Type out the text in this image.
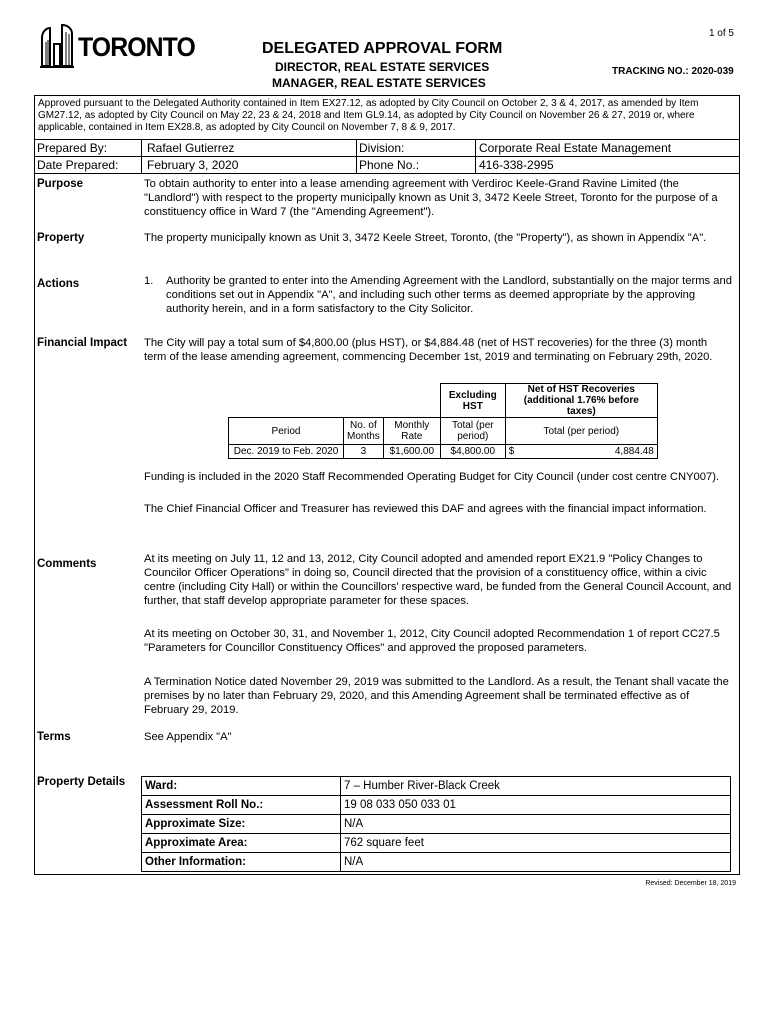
1 of 5
TORONTO	DELEGATED APPROVAL FORM
DIRECTOR, REAL ESTATE SERVICES
MANAGER, REAL ESTATE SERVICES
TRACKING NO.: 2020-039
Approved pursuant to the Delegated Authority contained in Item EX27.12, as adopted by City Council on October 2, 3 & 4, 2017, as amended by Item GM27.12, as adopted by City Council on May 22, 23 & 24, 2018 and Item GL9.14, as adopted by City Council on November 26 & 27, 2019 or, where applicable, contained in Item EX28.8, as adopted by City Council on November 7, 8 & 9, 2017.
Prepared By:	Rafael Gutierrez	Division:	Corporate Real Estate Management
Date Prepared: February 3, 2020	Phone No.:	416-338-2995
Purpose	To obtain authority to enter into a lease amending agreement with Verdiroc Keele-Grand Ravine Limited (the "Landlord") with respect to the property municipally known as Unit 3, 3472 Keele Street, Toronto for the purpose of a constituency office in Ward 7 (the "Amending Agreement").
Property	The property municipally known as Unit 3, 3472 Keele Street, Toronto, (the "Property"), as shown in Appendix "A".
Actions	1. Authority be granted to enter into the Amending Agreement with the Landlord, substantially on the major terms and conditions set out in Appendix "A", and including such other terms as deemed appropriate by the approving authority herein, and in a form satisfactory to the City Solicitor.
Financial Impact The City will pay a total sum of $4,800.00 (plus HST), or $4,884.48 (net of HST recoveries) for the three (3) month term of the lease amending agreement, commencing December 1st, 2019 and terminating on February 29th, 2020.
			Excluding HST	Net of HST Recoveries (additional 1.76% before taxes)	
Period	No. of Months	Monthly Rate	Total (per period)	Total (per period)	
Dec. 2019 to Feb. 2020	3	$1,600.00	$4,800.00	$	4,884.48
Funding is included in the 2020 Staff Recommended Operating Budget for City Council (under cost centre CNY007).
The Chief Financial Officer and Treasurer has reviewed this DAF and agrees with the financial impact information.
Comments	At its meeting on July 11, 12 and 13, 2012, City Council adopted and amended report EX21.9 "Policy Changes to Councilor Officer Operations" in doing so, Council directed that the provision of a constituency office, within a civic centre (including City Hall) or within the Councillors' respective ward, be funded from the General Council Account, and further, that staff develop appropriate parameter for these spaces.
At its meeting on October 30, 31, and November 1, 2012, City Council adopted Recommendation 1 of report CC27.5 "Parameters for Councillor Constituency Offices" and approved the proposed parameters.
A Termination Notice dated November 29, 2019 was submitted to the Landlord. As a result, the Tenant shall vacate the premises by no later than February 29, 2020, and this Amending Agreement shall be terminated effective as of February 29, 2019.
Terms	See Appendix "A"
Property Details Ward:	7 – Humber River-Black Creek
Assessment Roll No.:	19 08 033 050 033 01
Approximate Size:	N/A
Approximate Area:	762 square feet
Other Information:	N/A
Revised: December 18, 2019
